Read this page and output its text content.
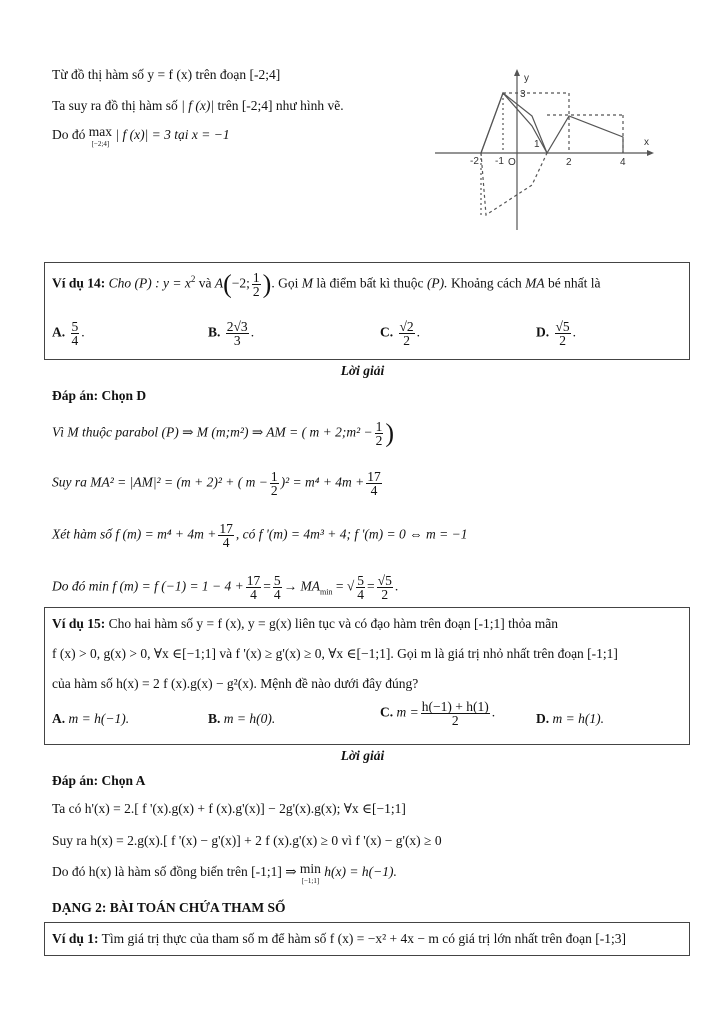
Từ đồ thị hàm số y = f (x) trên đoạn [-2;4]
Ta suy ra đồ thị hàm số | f (x)| trên [-2;4] như hình vẽ.
Do đó max
[−2;4]
| f (x)| = 3 tại x = −1
y
x
3
-2 -1 O
1
2	4
Ví dụ 14: Cho (P) : $y = x^2$ và A(−2; $\frac{1}{2}$ ). Gọi M là điểm bất kì thuộc (P). Khoảng cách MA bé nhất là
A. $\frac{5}{4}$ .	B. $\frac{2√3}{3}$ .	C. $\frac{√2}{2}$ .	D. $\frac{√5}{2}$ .
Lời giải
Đáp án: Chọn D
Vì M thuộc parabol (P) ⇒ M (m;m²) ⇒ AM = ( m + 2;m² − $\frac{1}{2}$ )
Suy ra MA² = |AM|² = (m + 2)² + ( $m - \frac{1}{2} )^2 = m^4 + 4m + \frac{17}{4}$
Xét hàm số f $(m) = m^4 + 4m + \frac{17}{4}$ , có f '(m) = 4m³ + 4; f '(m) = 0 ⇔ m = −1
Do đó min f (m) = f $(-1) = 1 - 4 + \frac{17}{4} = \frac{5}{4} \to MA_{min}$ = √ $\frac{5}{4} = \frac{√5}{2}$ .
Ví dụ 15: Cho hai hàm số y = f (x), y = g(x) liên tục và có đạo hàm trên đoạn [-1;1] thỏa mãn
f (x) > 0, g(x) > 0, ∀x ∈[−1;1] và f '(x) ≥ g'(x) ≥ 0, ∀x ∈[−1;1]. Gọi m là giá trị nhỏ nhất trên đoạn [-1;1]
của hàm số h(x) = 2 f (x).g(x) − g²(x). Mệnh đề nào dưới đây đúng?
A. m = h(−1).	B. m = h(0).	C. $m = \frac{h(-1) + h(1)}{2}$ .	D. m = h(1).
Lời giải
Đáp án: Chọn A
Ta có h'(x) = 2.[ f '(x).g(x) + f (x).g'(x)] − 2g'(x).g(x); ∀x ∈[−1;1]
Suy ra h(x) = 2.g(x).[ f '(x) − g'(x)] + 2 f (x).g'(x) ≥ 0 vì f '(x) − g'(x) ≥ 0
Do đó h(x) là hàm số đồng biến trên [-1;1] ⇒ min
[−1;1]
h(x) = h(−1).
DẠNG 2: BÀI TOÁN CHỨA THAM SỐ
Ví dụ 1: Tìm giá trị thực của tham số m để hàm số f (x) = −x² + 4x − m có giá trị lớn nhất trên đoạn [-1;3]
